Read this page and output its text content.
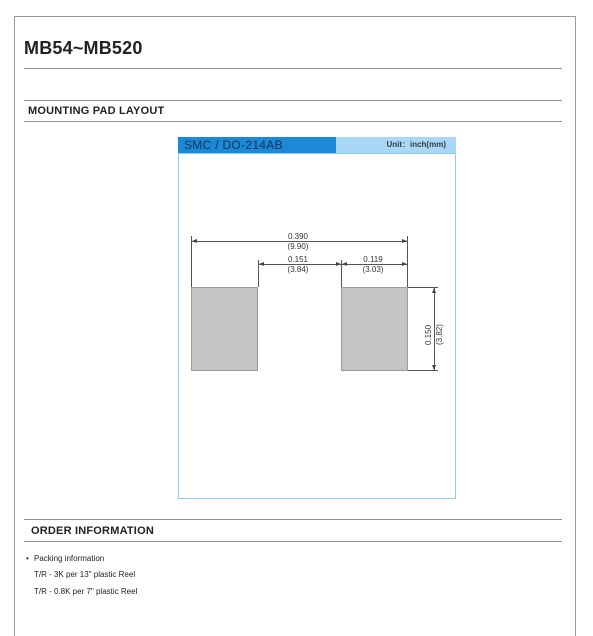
MB54~MB520
MOUNTING PAD LAYOUT
SMC / DO-214AB	Unit：inch(mm)
0.390
(9.90)
0.151
(3.84)
0.119
(3.03)
0.150 (3.82)
ORDER INFORMATION
• Packing information
T/R - 3K per 13" plastic Reel
T/R - 0.8K per 7" plastic Reel
